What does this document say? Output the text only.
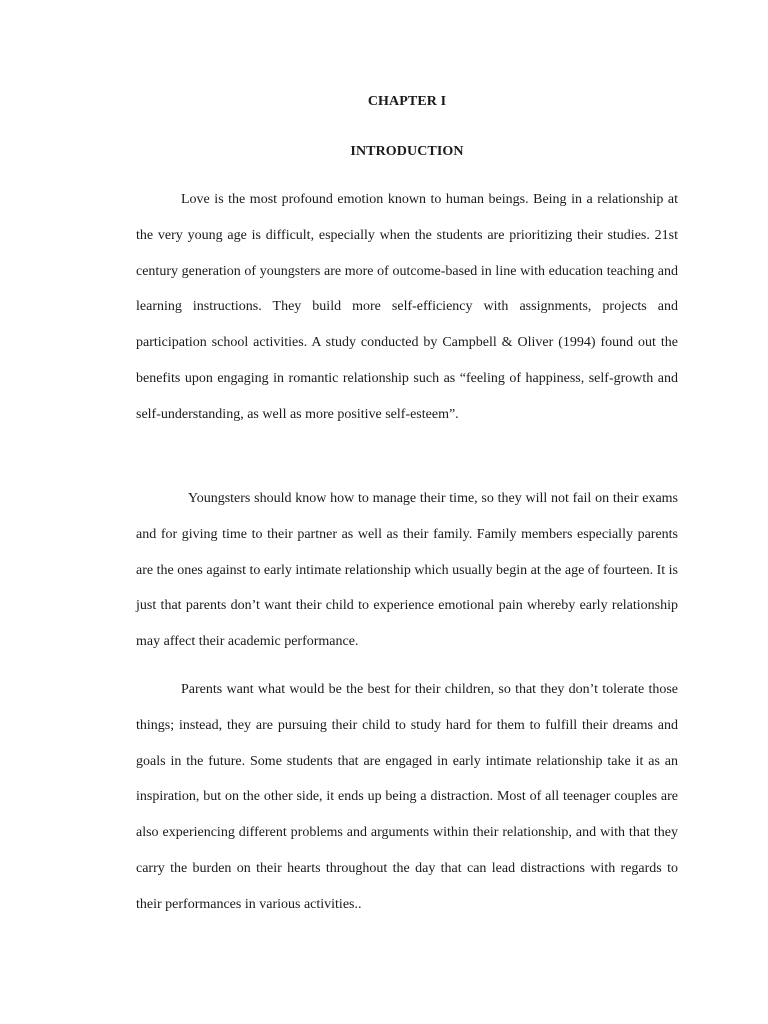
CHAPTER I
INTRODUCTION

Love is the most profound emotion known to human beings. Being in a relationship at the very young age is difficult, especially when the students are prioritizing their studies. 21st century generation of youngsters are more of outcome-based in line with education teaching and learning instructions. They build more self-efficiency with assignments, projects and participation school activities. A study conducted by Campbell & Oliver (1994) found out the benefits upon engaging in romantic relationship such as “feeling of happiness, self-growth and self-understanding, as well as more positive self-esteem”.

Youngsters should know how to manage their time, so they will not fail on their exams and for giving time to their partner as well as their family. Family members especially parents are the ones against to early intimate relationship which usually begin at the age of fourteen. It is just that parents don’t want their child to experience emotional pain whereby early relationship may affect their academic performance.

Parents want what would be the best for their children, so that they don’t tolerate those things; instead, they are pursuing their child to study hard for them to fulfill their dreams and goals in the future. Some students that are engaged in early intimate relationship take it as an inspiration, but on the other side, it ends up being a distraction. Most of all teenager couples are also experiencing different problems and arguments within their relationship, and with that they carry the burden on their hearts throughout the day that can lead distractions with regards to their performances in various activities..
